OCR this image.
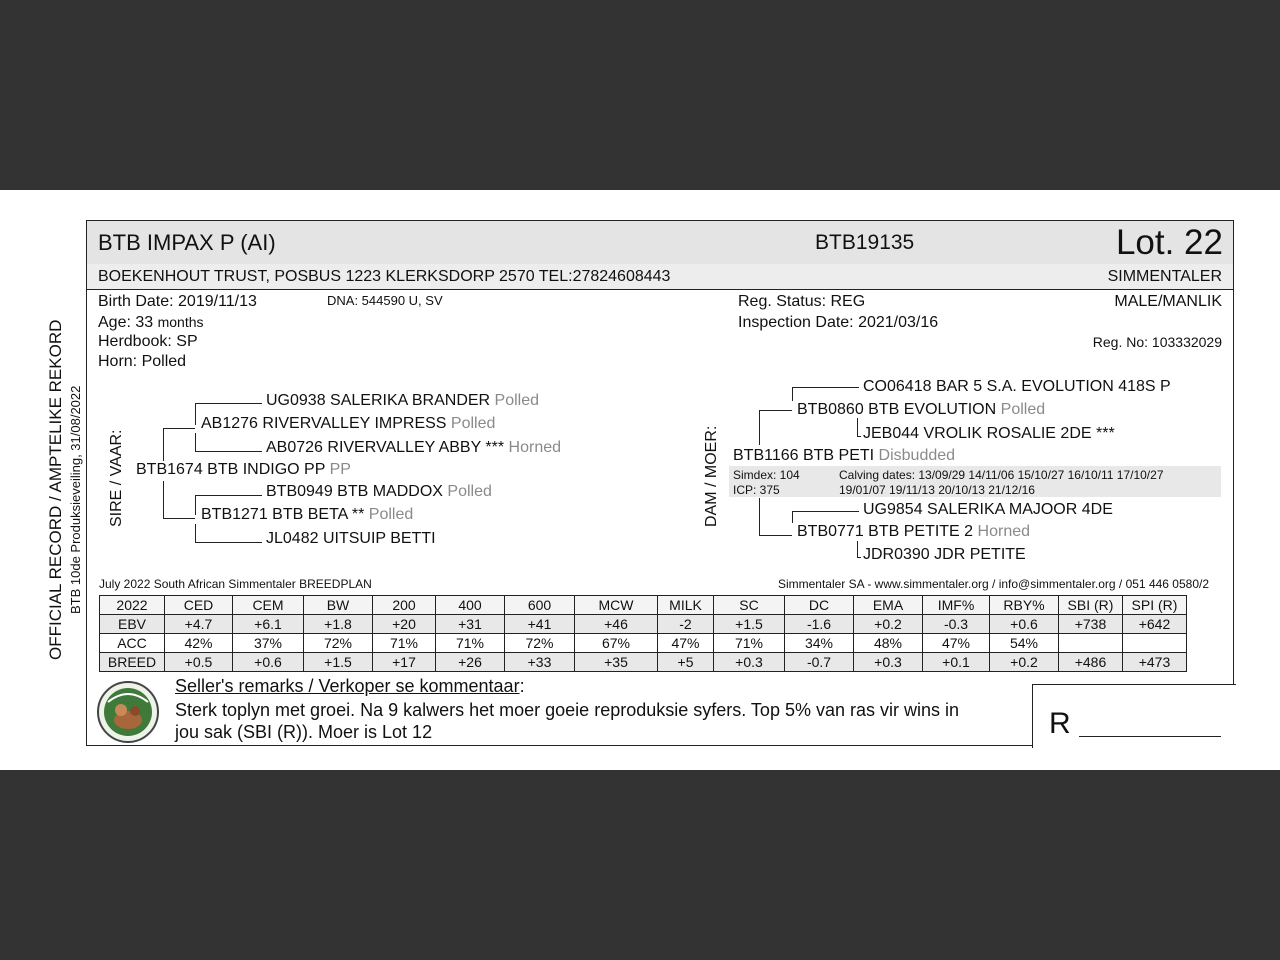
OFFICIAL RECORD / AMPTELIKE REKORD BTB 10de Produksieveiling, 31/08/2022
BTB IMPAX P (AI)	BTB19135	Lot. 22
BOEKENHOUT TRUST, POSBUS 1223 KLERKSDORP 2570 TEL:27824608443	SIMMENTALER
Birth Date: 2019/11/13	DNA: 544590 U, SV
Age: 33 months
Herdbook: SP
Horn: Polled
Reg. Status: REG
Inspection Date: 2021/03/16
MALE/MANLIK
Reg. No: 103332029
SIRE / VAAR: BTB1674 BTB INDIGO PP PP
AB1276 RIVERVALLEY IMPRESS Polled
UG0938 SALERIKA BRANDER Polled
AB0726 RIVERVALLEY ABBY *** Horned
BTB1271 BTB BETA ** Polled
BTB0949 BTB MADDOX Polled
JL0482 UITSUIP BETTI
DAM / MOER: BTB1166 BTB PETI Disbudded
BTB0860 BTB EVOLUTION Polled
CO06418 BAR 5 S.A. EVOLUTION 418S P
JEB044 VROLIK ROSALIE 2DE ***
BTB0771 BTB PETITE 2 Horned
UG9854 SALERIKA MAJOOR 4DE
JDR0390 JDR PETITE
Simdex: 104
ICP: 375
Calving dates: 13/09/29 14/11/06 15/10/27 16/10/11 17/10/27
19/01/07 19/11/13 20/10/13 21/12/16
July 2022 South African Simmentaler BREEDPLAN	Simmentaler SA - www.simmentaler.org / info@simmentaler.org / 051 446 0580/2
2022	CED	CEM	BW	200	400	600	MCW	MILK	SC	DC	EMA	IMF%	RBY%	SBI (R)	SPI (R)
EBV	+4.7	+6.1	+1.8	+20	+31	+41	+46	-2	+1.5	-1.6	+0.2	-0.3	+0.6	+738	+642
ACC	42%	37%	72%	71%	71%	72%	67%	47%	71%	34%	48%	47%	54%		
BREED	+0.5	+0.6	+1.5	+17	+26	+33	+35	+5	+0.3	-0.7	+0.3	+0.1	+0.2	+486	+473
Seller's remarks / Verkoper se kommentaar:
Sterk toplyn met groei. Na 9 kalwers het moer goeie reproduksie syfers. Top 5% van ras vir wins in
jou sak (SBI (R)). Moer is Lot 12	R
